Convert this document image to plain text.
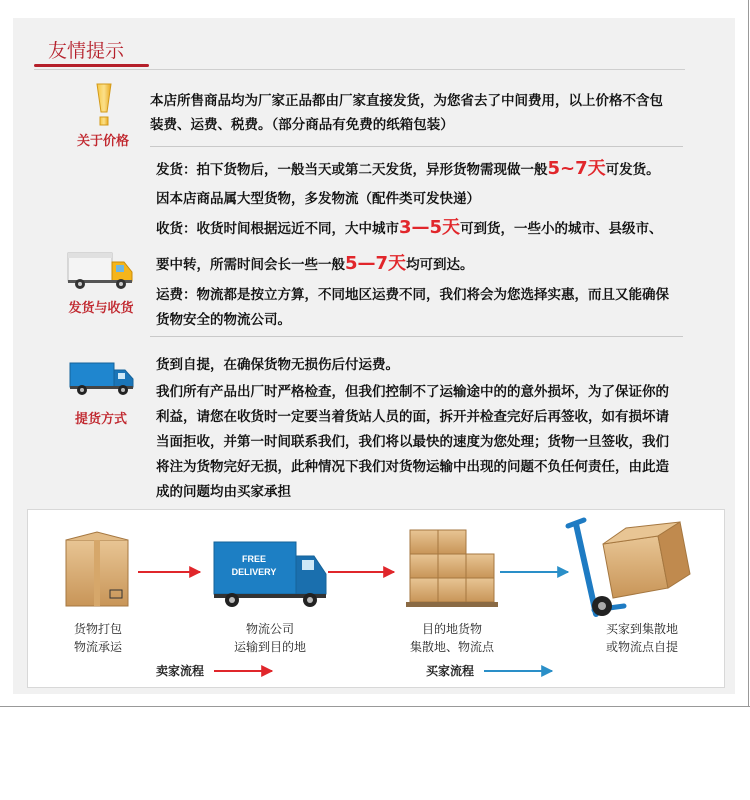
友情提示
关于价格

本店所售商品均为厂家正品都由厂家直接发货，为您省去了中间费用，以上价格不含包

装费、运费、税费。（部分商品有免费的纸箱包装）

发货与收货

发货：拍下货物后，一般当天或第二天发货，异形货物需现做一般5~7天可发货。

因本店商品属大型货物，多发物流（配件类可发快递）

收货：收货时间根据远近不同，大中城市3—5天可到货，一些小的城市、县级市、

要中转，所需时间会长一些一般5—7天均可到达。

运费：物流都是按立方算，不同地区运费不同，我们将会为您选择实惠，而且又能确保

货物安全的物流公司。

提货方式

货到自提，在确保货物无损伤后付运费。

我们所有产品出厂时严格检查，但我们控制不了运输途中的的意外损坏，为了保证你的

利益，请您在收货时一定要当着货站人员的面，拆开并检查完好后再签收，如有损坏请

当面拒收，并第一时间联系我们，我们将以最快的速度为您处理；货物一旦签收，我们

将注为货物完好无损，此种情况下我们对货物运输中出现的问题不负任何责任，由此造

成的问题均由买家承担

FREE
DELIVERY
货物打包
物流承运
物流公司
运输到目的地
目的地货物
集散地、物流点
买家到集散地
或物流点自提
卖家流程	买家流程
